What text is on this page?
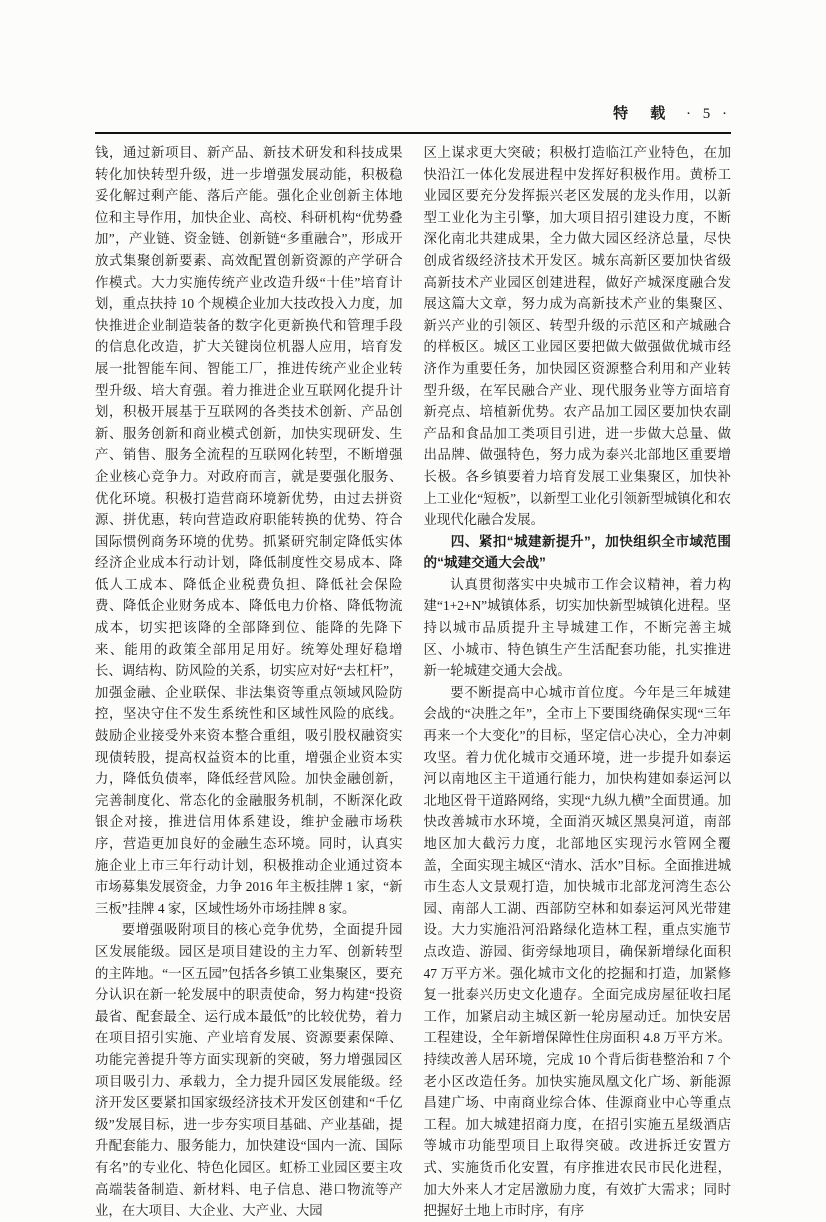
特 载 · 5 ·

钱，通过新项目、新产品、新技术研发和科技成果转化加快转型升级，进一步增强发展动能，积极稳妥化解过剩产能、落后产能。强化企业创新主体地位和主导作用，加快企业、高校、科研机构“优势叠加”，产业链、资金链、创新链“多重融合”，形成开放式集聚创新要素、高效配置创新资源的产学研合作模式。大力实施传统产业改造升级“十佳”培育计划，重点扶持 10 个规模企业加大技改投入力度，加快推进企业制造装备的数字化更新换代和管理手段的信息化改造，扩大关键岗位机器人应用，培育发展一批智能车间、智能工厂，推进传统产业企业转型升级、培大育强。着力推进企业互联网化提升计划，积极开展基于互联网的各类技术创新、产品创新、服务创新和商业模式创新，加快实现研发、生产、销售、服务全流程的互联网化转型，不断增强企业核心竞争力。对政府而言，就是要强化服务、优化环境。积极打造营商环境新优势，由过去拼资源、拼优惠，转向营造政府职能转换的优势、符合国际惯例商务环境的优势。抓紧研究制定降低实体经济企业成本行动计划，降低制度性交易成本、降低人工成本、降低企业税费负担、降低社会保险费、降低企业财务成本、降低电力价格、降低物流成本，切实把该降的全部降到位、能降的先降下来、能用的政策全部用足用好。统筹处理好稳增长、调结构、防风险的关系，切实应对好“去杠杆”，加强金融、企业联保、非法集资等重点领域风险防控，坚决守住不发生系统性和区域性风险的底线。鼓励企业接受外来资本整合重组，吸引股权融资实现债转股，提高权益资本的比重，增强企业资本实力，降低负债率，降低经营风险。加快金融创新，完善制度化、常态化的金融服务机制，不断深化政银企对接，推进信用体系建设，维护金融市场秩序，营造更加良好的金融生态环境。同时，认真实施企业上市三年行动计划，积极推动企业通过资本市场募集发展资金，力争 2016 年主板挂牌 1 家，“新三板”挂牌 4 家，区域性场外市场挂牌 8 家。

要增强吸附项目的核心竞争优势，全面提升园区发展能级。园区是项目建设的主力军、创新转型的主阵地。“一区五园”包括各乡镇工业集聚区，要充分认识在新一轮发展中的职责使命，努力构建“投资最省、配套最全、运行成本最低”的比较优势，着力在项目招引实施、产业培育发展、资源要素保障、功能完善提升等方面实现新的突破，努力增强园区项目吸引力、承载力，全力提升园区发展能级。经济开发区要紧扣国家级经济技术开发区创建和“千亿级”发展目标，进一步夯实项目基础、产业基础，提升配套能力、服务能力，加快建设“国内一流、国际有名”的专业化、特色化园区。虹桥工业园区要主攻高端装备制造、新材料、电子信息、港口物流等产业，在大项目、大企业、大产业、大园

区上谋求更大突破；积极打造临江产业特色，在加快沿江一体化发展进程中发挥好积极作用。黄桥工业园区要充分发挥振兴老区发展的龙头作用，以新型工业化为主引擎，加大项目招引建设力度，不断深化南北共建成果，全力做大园区经济总量，尽快创成省级经济技术开发区。城东高新区要加快省级高新技术产业园区创建进程，做好产城深度融合发展这篇大文章，努力成为高新技术产业的集聚区、新兴产业的引领区、转型升级的示范区和产城融合的样板区。城区工业园区要把做大做强做优城市经济作为重要任务，加快园区资源整合利用和产业转型升级，在军民融合产业、现代服务业等方面培育新亮点、培植新优势。农产品加工园区要加快农副产品和食品加工类项目引进，进一步做大总量、做出品牌、做强特色，努力成为泰兴北部地区重要增长极。各乡镇要着力培育发展工业集聚区，加快补上工业化“短板”，以新型工业化引领新型城镇化和农业现代化融合发展。

四、紧扣“城建新提升”，加快组织全市域范围的“城建交通大会战”

认真贯彻落实中央城市工作会议精神，着力构建“1+2+N”城镇体系，切实加快新型城镇化进程。坚持以城市品质提升主导城建工作，不断完善主城区、小城市、特色镇生产生活配套功能，扎实推进新一轮城建交通大会战。

要不断提高中心城市首位度。今年是三年城建会战的“决胜之年”，全市上下要围绕确保实现“三年再来一个大变化”的目标，坚定信心决心，全力冲刺攻坚。着力优化城市交通环境，进一步提升如泰运河以南地区主干道通行能力，加快构建如泰运河以北地区骨干道路网络，实现“九纵九横”全面贯通。加快改善城市水环境，全面消灭城区黑臭河道，南部地区加大截污力度，北部地区实现污水管网全覆盖，全面实现主城区“清水、活水”目标。全面推进城市生态人文景观打造，加快城市北部龙河湾生态公园、南部人工湖、西部防空林和如泰运河风光带建设。大力实施沿河沿路绿化造林工程，重点实施节点改造、游园、街旁绿地项目，确保新增绿化面积 47 万平方米。强化城市文化的挖掘和打造，加紧修复一批泰兴历史文化遗存。全面完成房屋征收扫尾工作，加紧启动主城区新一轮房屋动迁。加快安居工程建设，全年新增保障性住房面积 4.8 万平方米。持续改善人居环境，完成 10 个背后街巷整治和 7 个老小区改造任务。加快实施凤凰文化广场、新能源昌建广场、中南商业综合体、佳源商业中心等重点工程。加大城建招商力度，在招引实施五星级酒店等城市功能型项目上取得突破。改进拆迁安置方式、实施货币化安置，有序推进农民市民化进程，加大外来人才定居激励力度，有效扩大需求；同时把握好土地上市时序，有序
